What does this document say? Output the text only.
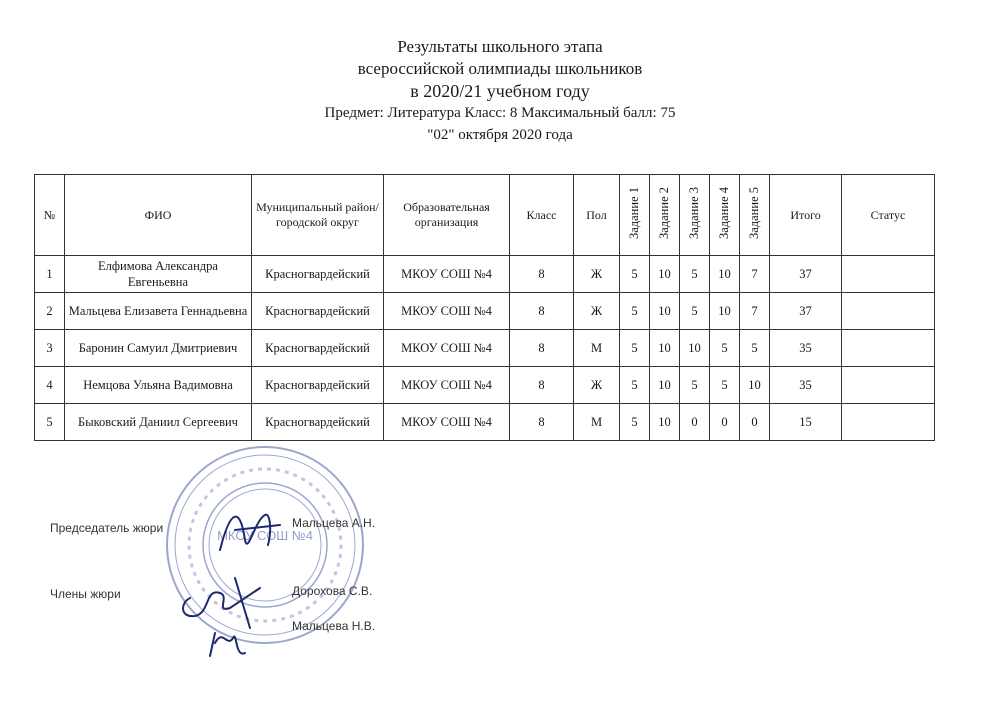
Результаты школьного этапа
всероссийской олимпиады школьников
в 2020/21 учебном году
Предмет: Литература Класс: 8 Максимальный балл: 75
"02" октября 2020 года
№	ФИО	Муниципальный район/городской округ	Образовательная организация	Класс	Пол	Задание 1	Задание 2	Задание 3	Задание 4	Задание 5	Итого	Статус
1	Елфимова Александра Евгеньевна	Красногвардейский	МКОУ СОШ №4	8	Ж	5	10	5	10	7	37	
2	Мальцева Елизавета Геннадьевна	Красногвардейский	МКОУ СОШ №4	8	Ж	5	10	5	10	7	37	
3	Баронин Самуил Дмитриевич	Красногвардейский	МКОУ СОШ №4	8	М	5	10	10	5	5	35	
4	Немцова Ульяна Вадимовна	Красногвардейский	МКОУ СОШ №4	8	Ж	5	10	5	5	10	35	
5	Быковский Даниил Сергеевич	Красногвардейский	МКОУ СОШ №4	8	М	5	10	0	0	0	15	
МКОУ СОШ №4
Председатель жюри	Мальцева А.Н.
Члены жюри	Дорохова С.В.
Мальцева Н.В.
